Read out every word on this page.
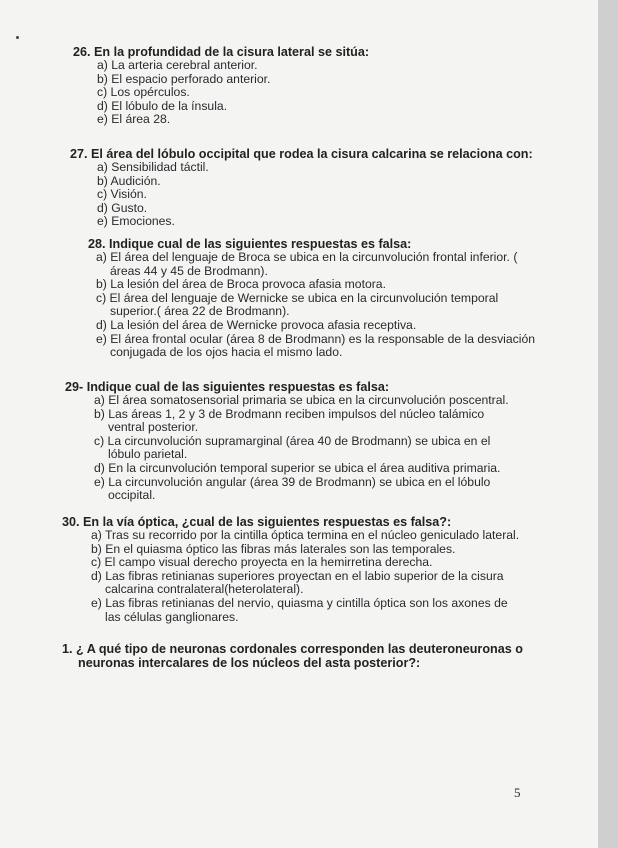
26. En la profundidad de la cisura lateral se sitúa:
a) La arteria cerebral anterior.
b) El espacio perforado anterior.
c) Los opérculos.
d) El lóbulo de la ínsula.
e) El área 28.
27. El área del lóbulo occipital que rodea la cisura calcarina se relaciona con:
a) Sensibilidad táctil.
b) Audición.
c) Visión.
d) Gusto.
e) Emociones.
28. Indique cual de las siguientes respuestas es falsa:
a) El área del lenguaje de Broca se ubica en la circunvolución frontal inferior. ( áreas 44 y 45 de Brodmann).
b) La lesión del área de Broca provoca afasia motora.
c) El área del lenguaje de Wernicke se ubica en la circunvolución temporal superior.( área 22 de Brodmann).
d) La lesión del área de Wernicke provoca afasia receptiva.
e) El área frontal ocular (área 8 de Brodmann) es la responsable de la desviación conjugada de los ojos hacia el mismo lado.
29- Indique cual de las siguientes respuestas es falsa:
a) El área somatosensorial primaria se ubica en la circunvolución poscentral.
b) Las áreas 1, 2 y 3 de Brodmann reciben impulsos del núcleo talámico ventral posterior.
c) La circunvolución supramarginal (área 40 de Brodmann) se ubica en el lóbulo parietal.
d) En la circunvolución temporal superior se ubica el área auditiva primaria.
e) La circunvolución angular (área 39 de Brodmann) se ubica en el lóbulo occipital.
30. En la vía óptica, ¿cual de las siguientes respuestas es falsa?:
a) Tras su recorrido por la cintilla óptica termina en el núcleo geniculado lateral.
b) En el quiasma óptico las fibras más laterales son las temporales.
c) El campo visual derecho proyecta en la hemirretina derecha.
d) Las fibras retinianas superiores proyectan en el labio superior de la cisura calcarina contralateral(heterolateral).
e) Las fibras retinianas del nervio, quiasma y cintilla óptica son los axones de las células ganglionares.
1. ¿ A qué tipo de neuronas cordonales corresponden las deuteroneuronas o neuronas intercalares de los núcleos del asta posterior?:
5
